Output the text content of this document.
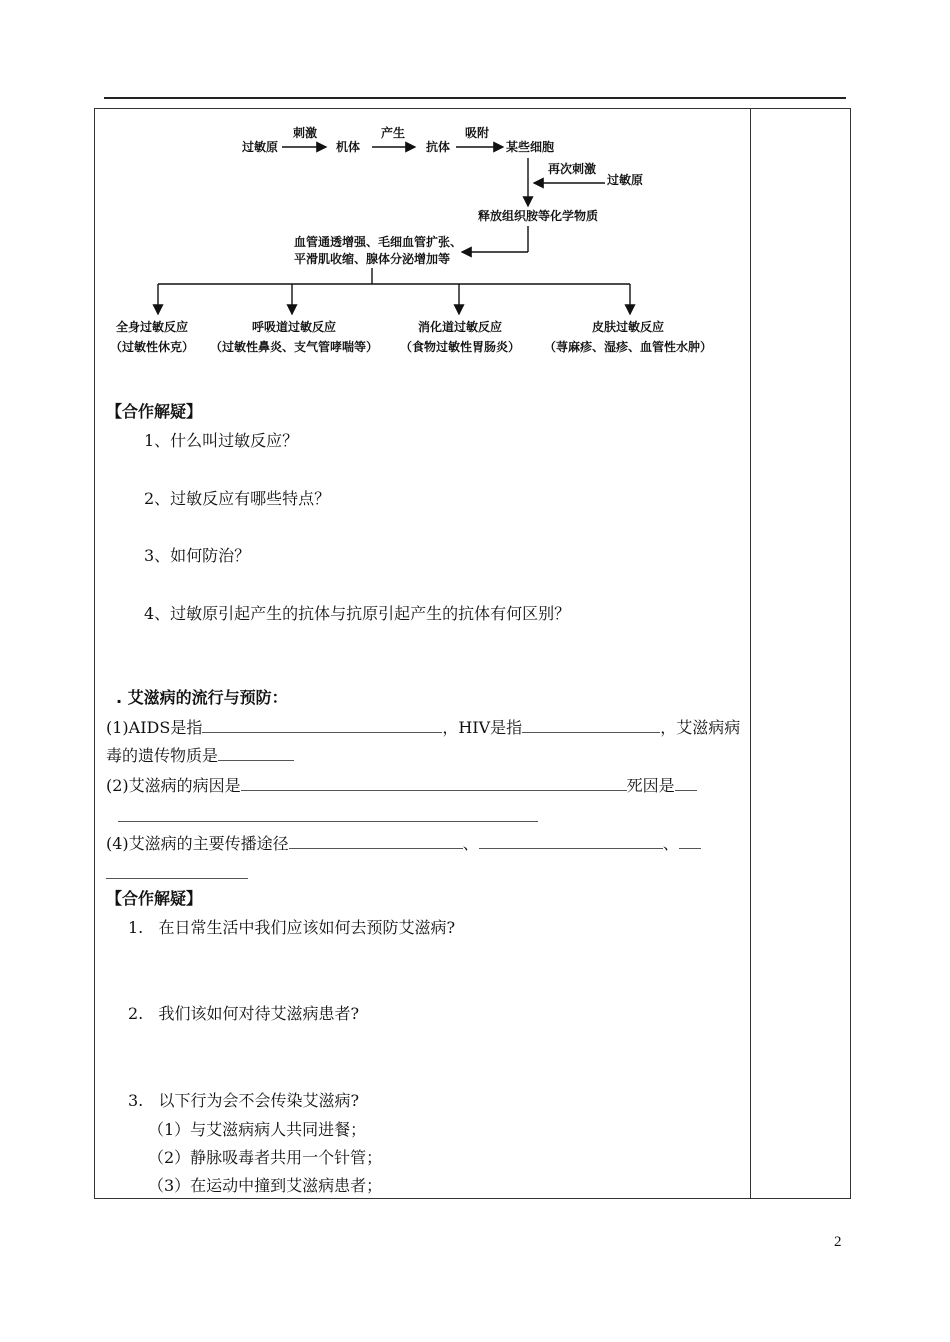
过敏原
刺激
机体
产生
抗体
吸附
某些细胞
再次刺激
过敏原
释放组织胺等化学物质
血管通透增强、毛细血管扩张、
平滑肌收缩、腺体分泌增加等
全身过敏反应
（过敏性休克）
呼吸道过敏反应
（过敏性鼻炎、支气管哮喘等）
消化道过敏反应
（食物过敏性胃肠炎）
皮肤过敏反应
（荨麻疹、湿疹、血管性水肿）
【合作解疑】
1、什么叫过敏反应？
2、过敏反应有哪些特点？
3、如何防治？
4、过敏原引起产生的抗体与抗原引起产生的抗体有何区别？
. 艾滋病的流行与预防：
(1)AIDS是指	，HIV是指	，艾滋病病
毒的遗传物质是
(2)艾滋病的病因是	死因是
(4)艾滋病的主要传播途径	、	、
【合作解疑】
1.   在日常生活中我们应该如何去预防艾滋病?
2.   我们该如何对待艾滋病患者?
3.   以下行为会不会传染艾滋病?
（1）与艾滋病病人共同进餐；
（2）静脉吸毒者共用一个针管；
（3）在运动中撞到艾滋病患者；
2
